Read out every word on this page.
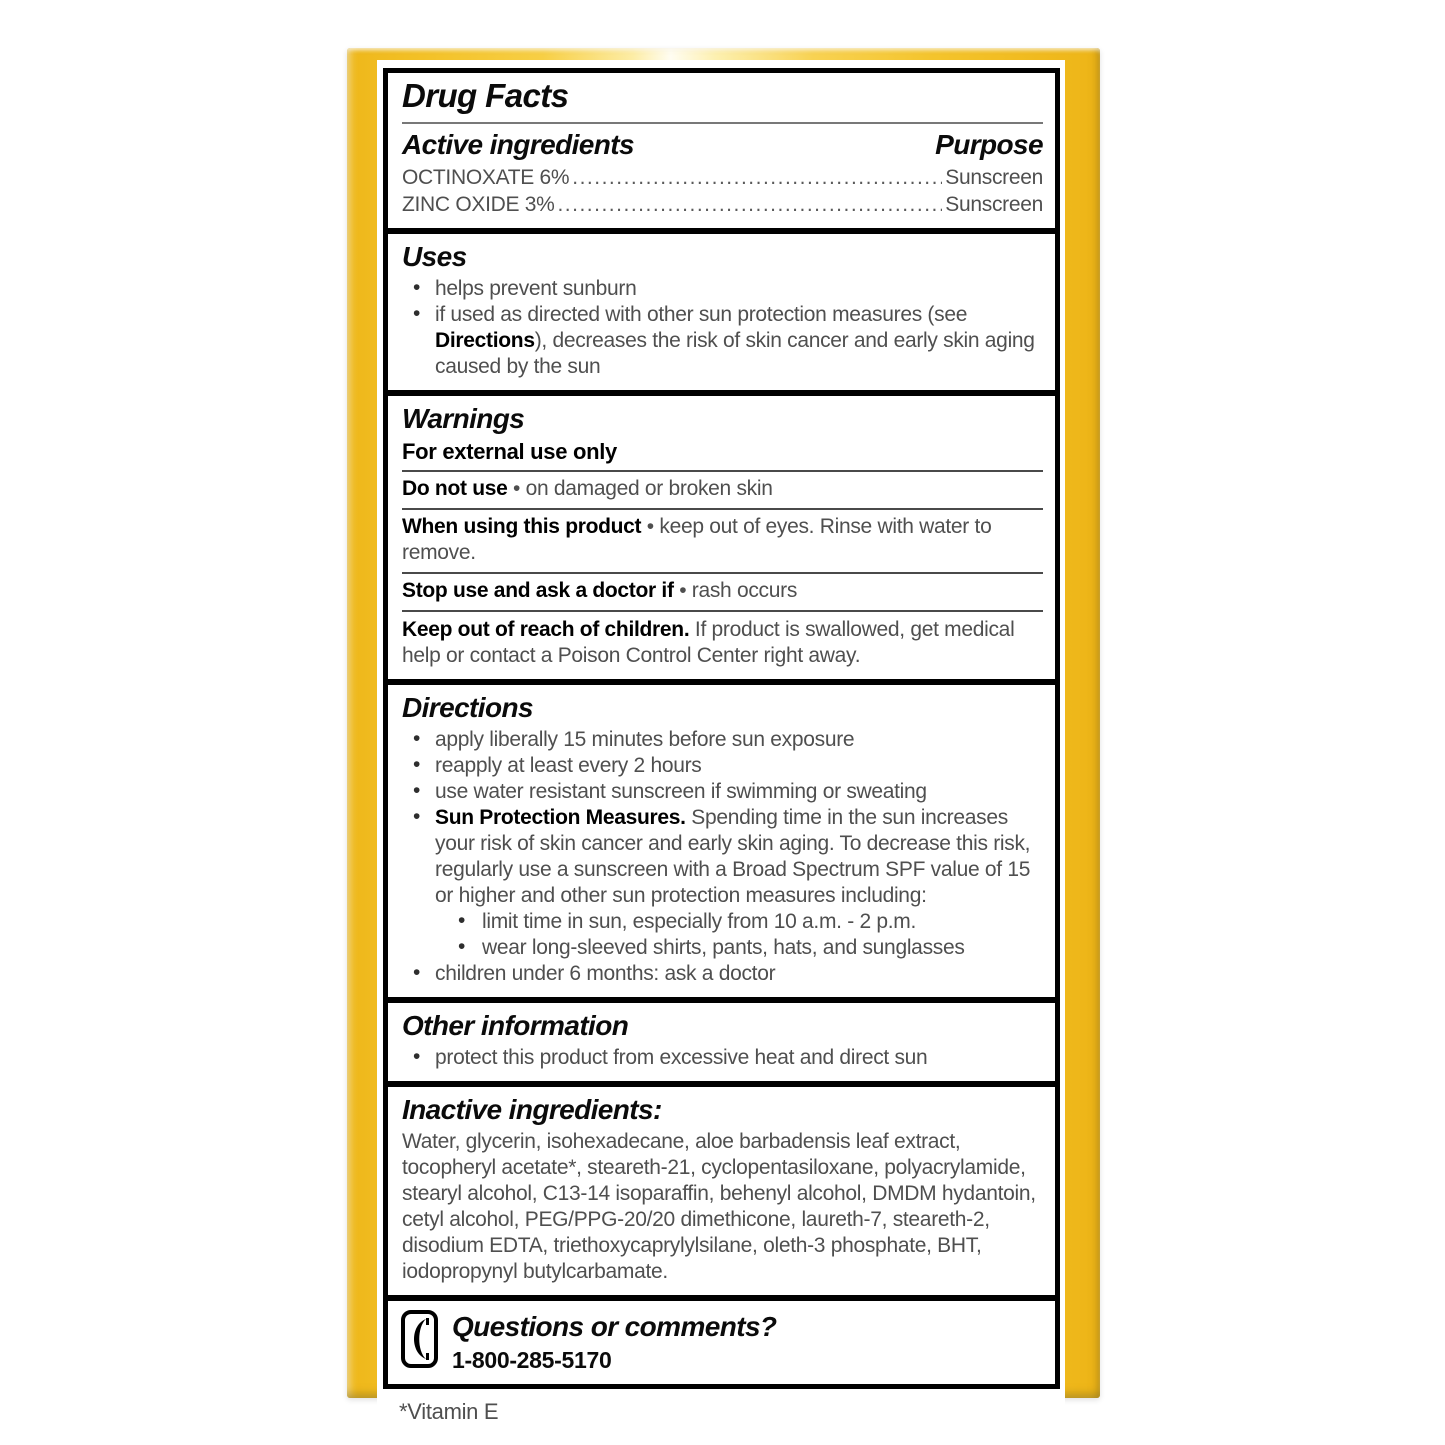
Drug Facts
Active ingredients	Purpose
OCTINOXATE 6% .....	Sunscreen
ZINC OXIDE 3% .....	Sunscreen
Uses
• helps prevent sunburn
• if used as directed with other sun protection measures (see Directions), decreases the risk of skin cancer and early skin aging caused by the sun
Warnings
For external use only
Do not use • on damaged or broken skin
When using this product • keep out of eyes. Rinse with water to remove.
Stop use and ask a doctor if • rash occurs
Keep out of reach of children. If product is swallowed, get medical help or contact a Poison Control Center right away.
Directions
• apply liberally 15 minutes before sun exposure
• reapply at least every 2 hours
• use water resistant sunscreen if swimming or sweating
• Sun Protection Measures. Spending time in the sun increases your risk of skin cancer and early skin aging. To decrease this risk, regularly use a sunscreen with a Broad Spectrum SPF value of 15 or higher and other sun protection measures including:
• limit time in sun, especially from 10 a.m. - 2 p.m.
• wear long-sleeved shirts, pants, hats, and sunglasses
• children under 6 months: ask a doctor
Other information
• protect this product from excessive heat and direct sun
Inactive ingredients:
Water, glycerin, isohexadecane, aloe barbadensis leaf extract, tocopheryl acetate*, steareth-21, cyclopentasiloxane, polyacrylamide, stearyl alcohol, C13-14 isoparaffin, behenyl alcohol, DMDM hydantoin, cetyl alcohol, PEG/PPG-20/20 dimethicone, laureth-7, steareth-2, disodium EDTA, triethoxycaprylylsilane, oleth-3 phosphate, BHT, iodopropynyl butylcarbamate.
Questions or comments?
1-800-285-5170
*Vitamin E
